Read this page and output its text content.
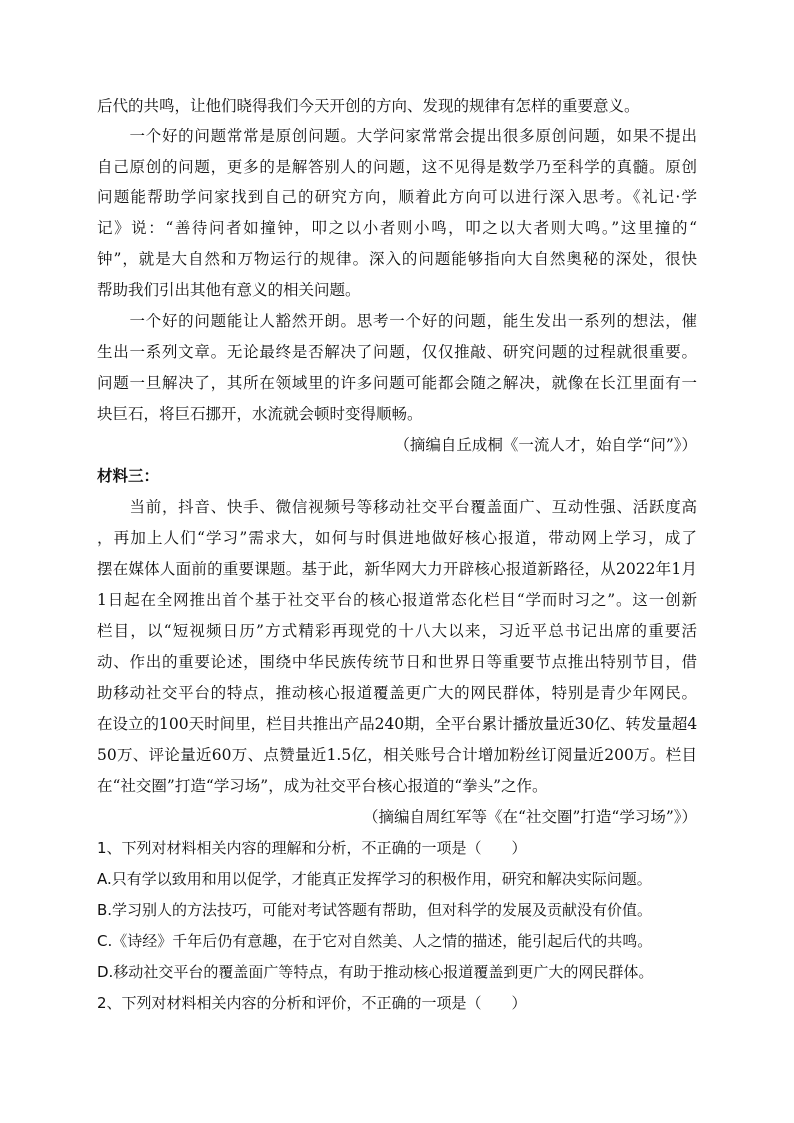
后代的共鸣，让他们晓得我们今天开创的方向、发现的规律有怎样的重要意义。
　　一个好的问题常常是原创问题。大学问家常常会提出很多原创问题，如果不提出
自己原创的问题，更多的是解答别人的问题，这不见得是数学乃至科学的真髓。原创
问题能帮助学问家找到自己的研究方向，顺着此方向可以进行深入思考。《礼记·学
记》说：“善待问者如撞钟，叩之以小者则小鸣，叩之以大者则大鸣。”这里撞的“
钟”，就是大自然和万物运行的规律。深入的问题能够指向大自然奥秘的深处，很快
帮助我们引出其他有意义的相关问题。
　　一个好的问题能让人豁然开朗。思考一个好的问题，能生发出一系列的想法，催
生出一系列文章。无论最终是否解决了问题，仅仅推敲、研究问题的过程就很重要。
问题一旦解决了，其所在领域里的许多问题可能都会随之解决，就像在长江里面有一
块巨石，将巨石挪开，水流就会顿时变得顺畅。
（摘编自丘成桐《一流人才，始自学“问”》）
材料三：
　　当前，抖音、快手、微信视频号等移动社交平台覆盖面广、互动性强、活跃度高
，再加上人们“学习”需求大，如何与时俱进地做好核心报道，带动网上学习，成了
摆在媒体人面前的重要课题。基于此，新华网大力开辟核心报道新路径，从2022年1月
1日起在全网推出首个基于社交平台的核心报道常态化栏目“学而时习之”。这一创新
栏目，以“短视频日历”方式精彩再现党的十八大以来，习近平总书记出席的重要活
动、作出的重要论述，围绕中华民族传统节日和世界日等重要节点推出特别节目，借
助移动社交平台的特点，推动核心报道覆盖更广大的网民群体，特别是青少年网民。
在设立的100天时间里，栏目共推出产品240期，全平台累计播放量近30亿、转发量超4
50万、评论量近60万、点赞量近1.5亿，相关账号合计增加粉丝订阅量近200万。栏目
在“社交圈”打造“学习场”，成为社交平台核心报道的“拳头”之作。
（摘编自周红军等《在“社交圈”打造“学习场”》）
1、下列对材料相关内容的理解和分析，不正确的一项是（　　）
A.只有学以致用和用以促学，才能真正发挥学习的积极作用，研究和解决实际问题。
B.学习别人的方法技巧，可能对考试答题有帮助，但对科学的发展及贡献没有价值。
C.《诗经》千年后仍有意趣，在于它对自然美、人之情的描述，能引起后代的共鸣。
D.移动社交平台的覆盖面广等特点，有助于推动核心报道覆盖到更广大的网民群体。
2、下列对材料相关内容的分析和评价，不正确的一项是（　　）
